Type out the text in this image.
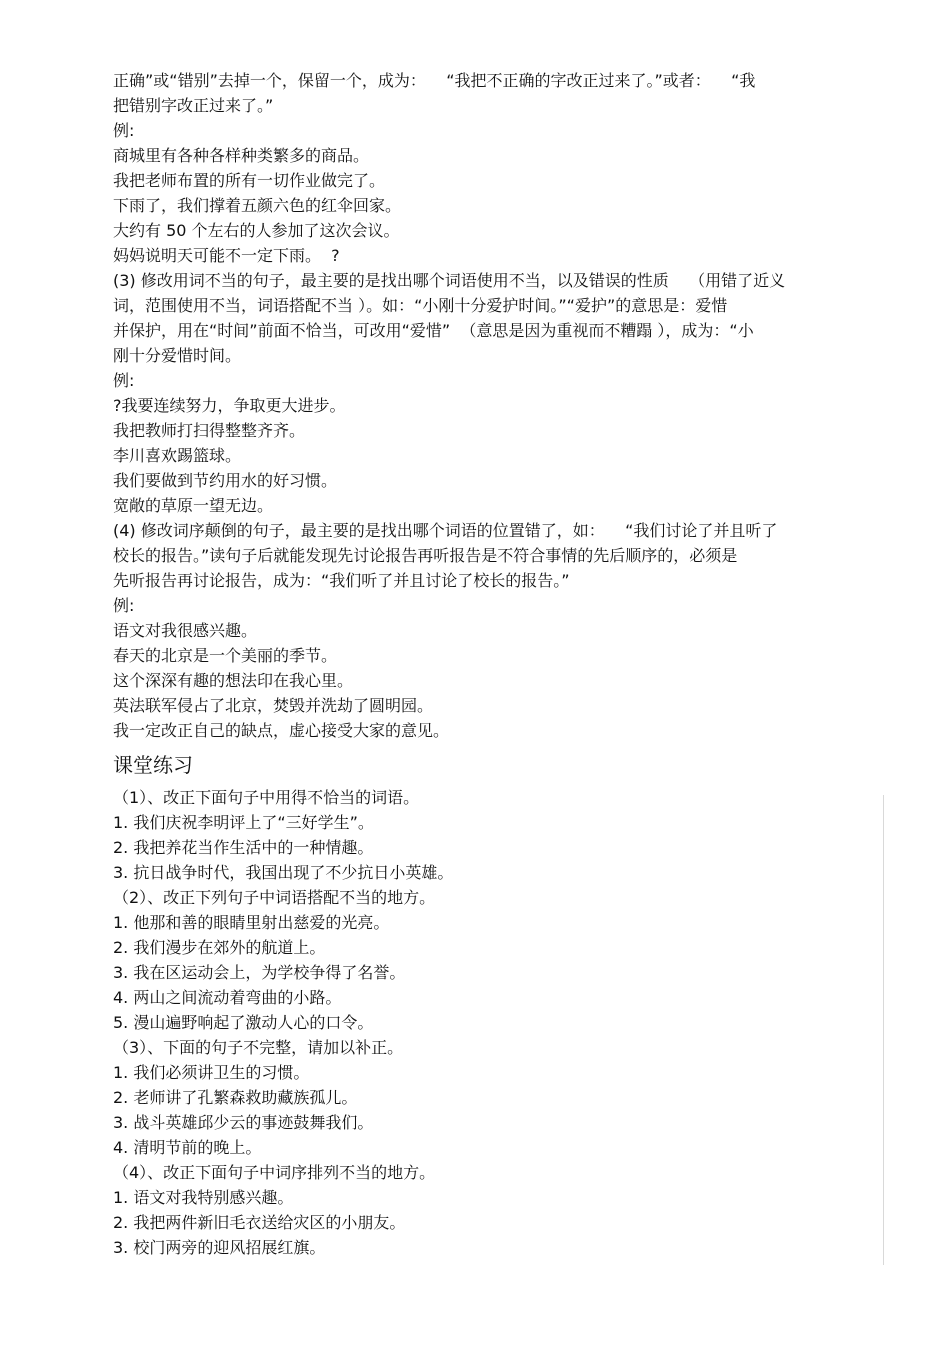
正确”或“错别”去掉一个，保留一个，成为：    “我把不正确的字改正过来了。”或者：    “我
把错别字改正过来了。”
例:
商城里有各种各样种类繁多的商品。
我把老师布置的所有一切作业做完了。
下雨了，我们撑着五颜六色的红伞回家。
大约有 50 个左右的人参加了这次会议。
妈妈说明天可能不一定下雨。  ?
(3) 修改用词不当的句子，最主要的是找出哪个词语使用不当，以及错误的性质    （用错了近义
词，范围使用不当，词语搭配不当 ）。如：“小刚十分爱护时间。”“爱护”的意思是：爱惜
并保护，用在“时间”前面不恰当，可改用“爱惜”  （意思是因为重视而不糟蹋 ），成为：“小
刚十分爱惜时间。
例:
?我要连续努力，争取更大进步。
我把教师打扫得整整齐齐。
李川喜欢踢篮球。
我们要做到节约用水的好习惯。
宽敞的草原一望无边。
(4) 修改词序颠倒的句子，最主要的是找出哪个词语的位置错了，如：    “我们讨论了并且听了
校长的报告。”读句子后就能发现先讨论报告再听报告是不符合事情的先后顺序的，必须是
先听报告再讨论报告，成为：“我们听了并且讨论了校长的报告。”
例:
语文对我很感兴趣。
春天的北京是一个美丽的季节。
这个深深有趣的想法印在我心里。
英法联军侵占了北京，焚毁并洗劫了圆明园。
我一定改正自己的缺点，虚心接受大家的意见。
课堂练习
（1）、改正下面句子中用得不恰当的词语。
1. 我们庆祝李明评上了“三好学生”。
2. 我把养花当作生活中的一种情趣。
3. 抗日战争时代，我国出现了不少抗日小英雄。
（2）、改正下列句子中词语搭配不当的地方。
1. 他那和善的眼睛里射出慈爱的光亮。
2. 我们漫步在郊外的航道上。
3. 我在区运动会上，为学校争得了名誉。
4. 两山之间流动着弯曲的小路。
5. 漫山遍野响起了激动人心的口令。
（3）、下面的句子不完整，请加以补正。
1. 我们必须讲卫生的习惯。
2. 老师讲了孔繁森救助藏族孤儿。
3. 战斗英雄邱少云的事迹鼓舞我们。
4. 清明节前的晚上。
（4）、改正下面句子中词序排列不当的地方。
1. 语文对我特别感兴趣。
2. 我把两件新旧毛衣送给灾区的小朋友。
3. 校门两旁的迎风招展红旗。
